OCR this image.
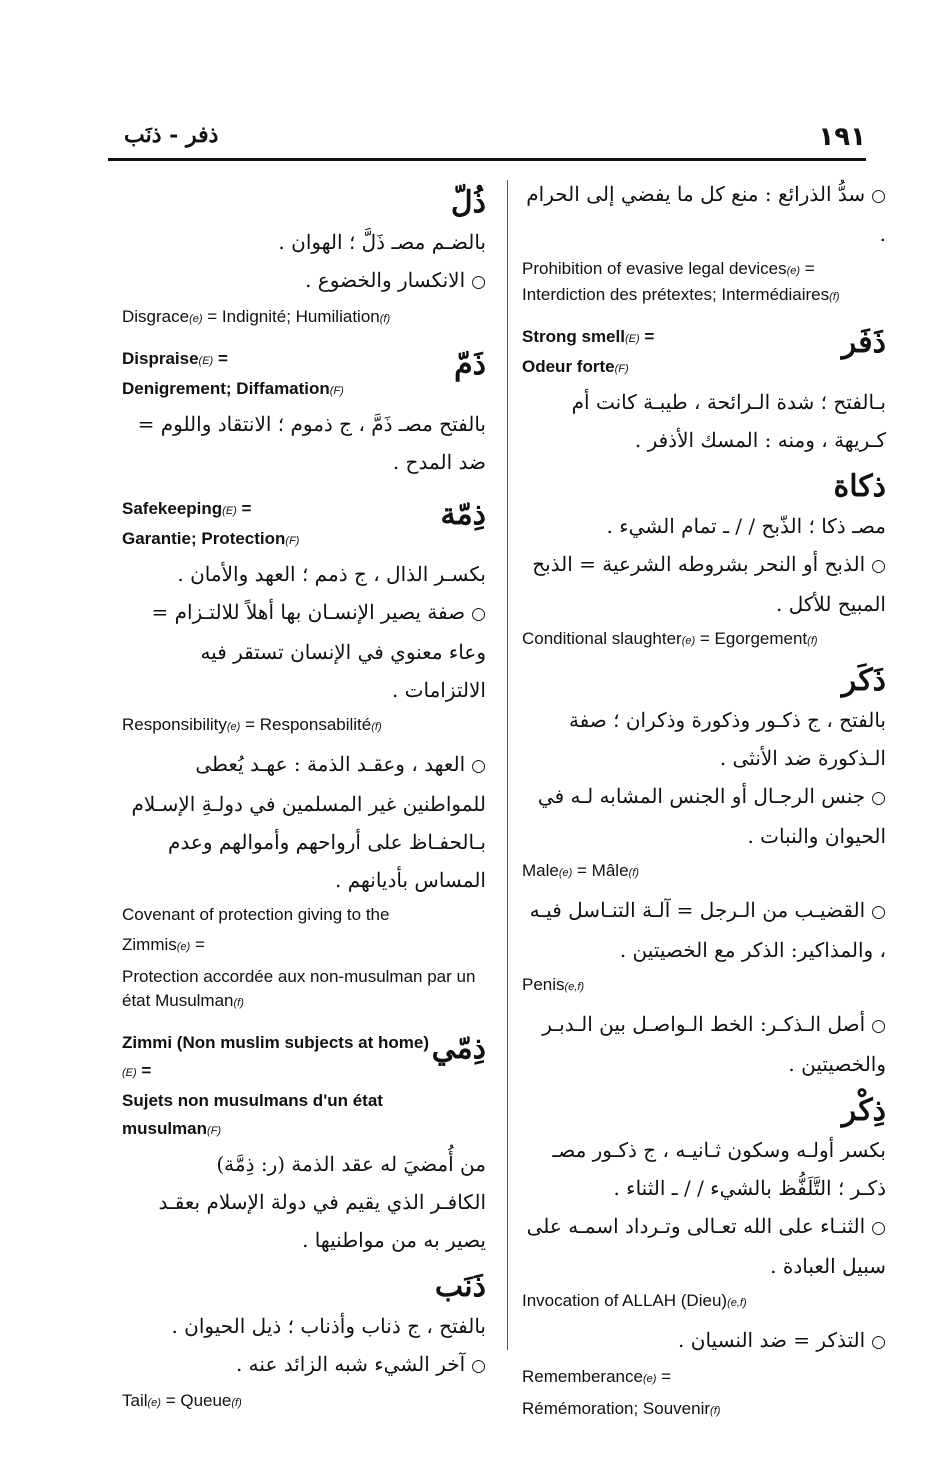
١٩١
ذفر - ذنَب

○سدُّ الذرائع : منع كل ما يفضي إلى الحرام .

Prohibition of evasive legal devices(e) = Interdiction des prétextes; Intermédiaires(f)

Strong smell(E) =
Odeur forte(F)
ذَفَر

بـالفتح ؛ شدة الـرائحة ، طيبـة كانت أم كـريهة ، ومنه : المسك الأذفر .

ذكاة

مصـ ذكا ؛ الذّبح / / ـ تمام الشيء .

○الذبح أو النحر بشروطه الشرعية = الذبح المبيح للأكل .

Conditional slaughter(e) = Egorgement(f)

ذَكَر

بالفتح ، ج ذكـور وذكورة وذكران ؛ صفة الـذكورة ضد الأنثى .

○جنس الرجـال أو الجنس المشابه لـه في الحيوان والنبات .

Male(e) = Mâle(f)

○القضيـب من الـرجل = آلـة التنـاسل فيـه ، والمذاكير: الذكر مع الخصيتين .

Penis(e,f)

○أصل الـذكـر: الخط الـواصـل بين الـدبـر والخصيتين .

ذِكْر

بكسر أولـه وسكون ثـانيـه ، ج ذكـور مصـ ذكـر ؛ التَّلَفُّظ بالشيء / / ـ الثناء .

○الثنـاء على الله تعـالى وتـرداد اسمـه على سبيل العبادة .

Invocation of ALLAH (Dieu)(e,f)

○التذكر = ضد النسيان .

Rememberance(e) =

Rémémoration; Souvenir(f)

ذُلّ

بالضـم مصـ ذَلَّ ؛ الهوان .

○الانكسار والخضوع .

Disgrace(e) = Indignité; Humiliation(f)

Dispraise(E) =
Denigrement; Diffamation(F)
ذَمّ

بالفتح مصـ ذَمَّ ، ج ذموم ؛ الانتقاد واللوم = ضد المدح .

Safekeeping(E) =
Garantie; Protection(F)
ذِمّة

بكسـر الذال ، ج ذمم ؛ العهد والأمان .

○صفة يصير الإنسـان بها أهلاً للالتـزام = وعاء معنوي في الإنسان تستقر فيه الالتزامات .

Responsibility(e) = Responsabilité(f)

○العهد ، وعقـد الذمة : عهـد يُعطى للمواطنين غير المسلمين في دولـةِ الإسـلام بـالحفـاظ على أرواحهم وأموالهم وعدم المساس بأديانهم .

Covenant of protection giving to the

Zimmis(e) =

Protection accordée aux non-musulman par un état Musulman(f)

Zimmi (Non muslim subjects at home)(E) =
Sujets non musulmans d'un état musulman(F)
ذِمّي

من أُمضيَ له عقد الذمة (ر: ذِمَّة)

الكافـر الذي يقيم في دولة الإسلام بعقـد يصير به من مواطنيها .

ذَنَب

بالفتح ، ج ذناب وأذناب ؛ ذيل الحيوان .

○آخر الشيء شبه الزائد عنه .

Tail(e) = Queue(f)
